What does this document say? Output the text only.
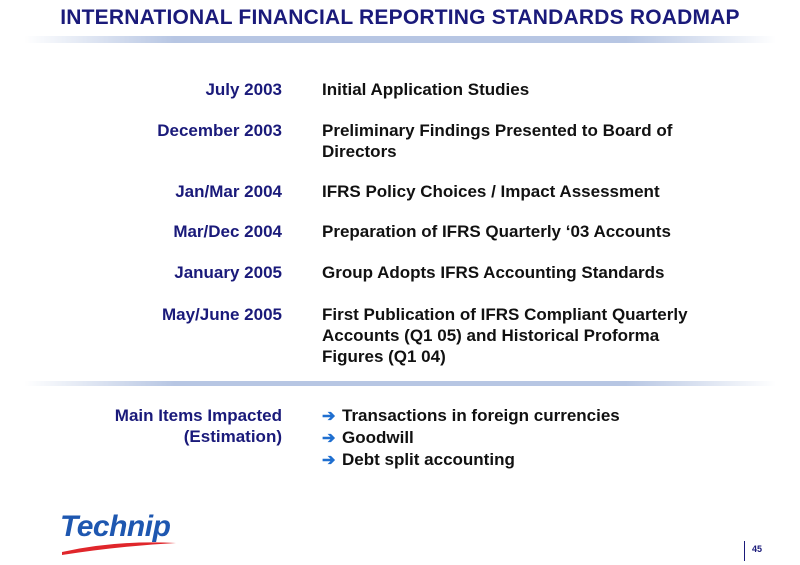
INTERNATIONAL FINANCIAL REPORTING STANDARDS ROADMAP
July 2003 Initial Application Studies
December 2003 Preliminary Findings Presented to Board of
Directors
Jan/Mar 2004 IFRS Policy Choices / Impact Assessment
Mar/Dec 2004 Preparation of IFRS Quarterly ‘03 Accounts
January 2005 Group Adopts IFRS Accounting Standards
May/June 2005 First Publication of IFRS Compliant Quarterly
Accounts (Q1 05) and Historical Proforma
Figures (Q1 04)
Main Items Impacted
(Estimation)
➔ Transactions in foreign currencies
➔ Goodwill
➔ Debt split accounting
Technip
45
